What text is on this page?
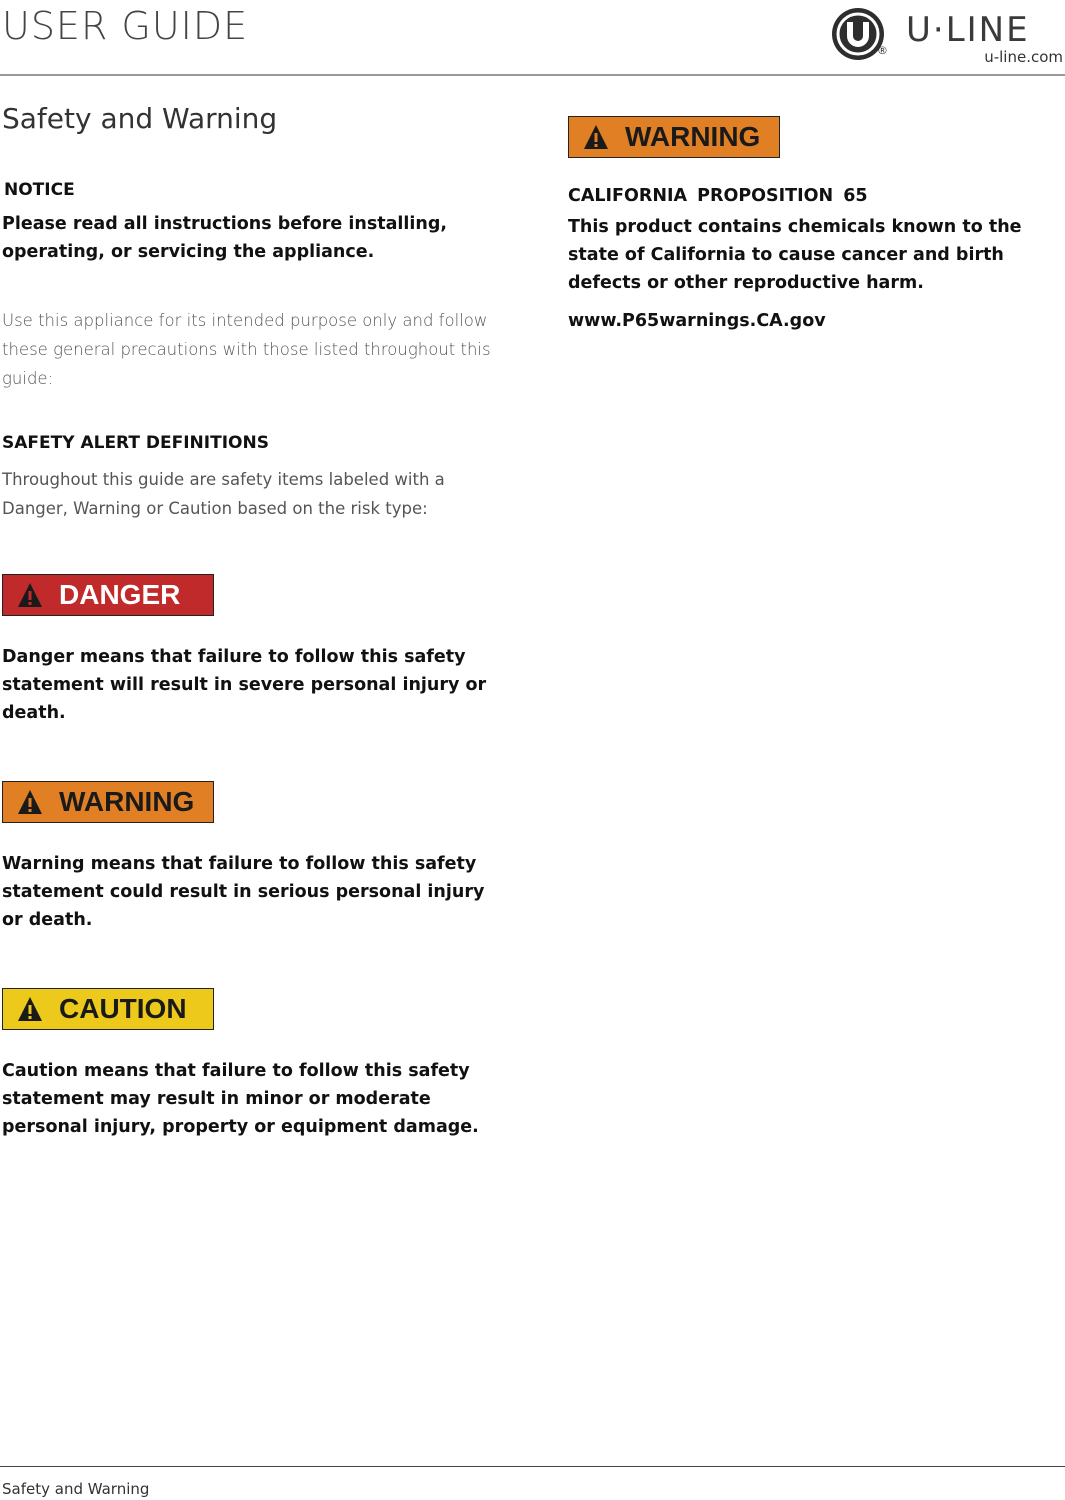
USER GUIDE
®
U·LINE
u-line.com
Safety and Warning
NOTICE
Please read all instructions before installing, operating, or servicing the appliance.
Use this appliance for its intended purpose only and follow these general precautions with those listed throughout this guide:
SAFETY ALERT DEFINITIONS
Throughout this guide are safety items labeled with a Danger, Warning or Caution based on the risk type:
DANGER
Danger means that failure to follow this safety statement will result in severe personal injury or death.
WARNING
Warning means that failure to follow this safety statement could result in serious personal injury or death.
CAUTION
Caution means that failure to follow this safety statement may result in minor or moderate personal injury, property or equipment damage.
WARNING
CALIFORNIA PROPOSITION 65
This product contains chemicals known to the state of California to cause cancer and birth defects or other reproductive harm.
www.P65warnings.CA.gov
Safety and Warning
